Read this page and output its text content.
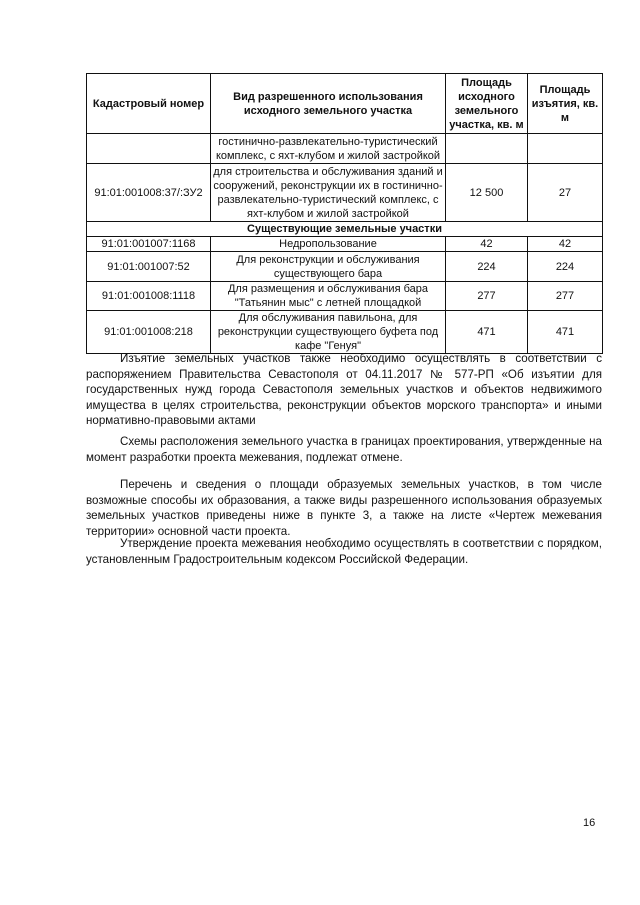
Кадастровый номер	Вид разрешенного использования исходного земельного участка	Площадь исходного земельного участка, кв. м	Площадь изъятия, кв. м
	гостинично-развлекательно-туристический комплекс, с яхт-клубом и жилой застройкой		
91:01:001008:37/:ЗУ2	для строительства и обслуживания зданий и сооружений, реконструкции их в гостинично-развлекательно-туристический комплекс, с яхт-клубом и жилой застройкой	12 500	27
Существующие земельные участки			
91:01:001007:1168	Недропользование	42	42
91:01:001007:52	Для реконструкции и обслуживания существующего бара	224	224
91:01:001008:1118	Для размещения и обслуживания бара "Татьянин мыс" с летней площадкой	277	277
91:01:001008:218	Для обслуживания павильона, для реконструкции существующего буфета под кафе "Генуя"	471	471

Изъятие земельных участков также необходимо осуществлять в соответствии с распоряжением Правительства Севастополя от 04.11.2017 № 577-РП «Об изъятии для государственных нужд города Севастополя земельных участков и объектов недвижимого имущества в целях строительства, реконструкции объектов морского транспорта» и иными нормативно-правовыми актами

Схемы расположения земельного участка в границах проектирования, утвержденные на момент разработки проекта межевания, подлежат отмене.

Перечень и сведения о площади образуемых земельных участков, в том числе возможные способы их образования, а также виды разрешенного использования образуемых земельных участков приведены ниже в пункте 3, а также на листе «Чертеж межевания территории» основной части проекта.

Утверждение проекта межевания необходимо осуществлять в соответствии с порядком, установленным Градостроительным кодексом Российской Федерации.

16
